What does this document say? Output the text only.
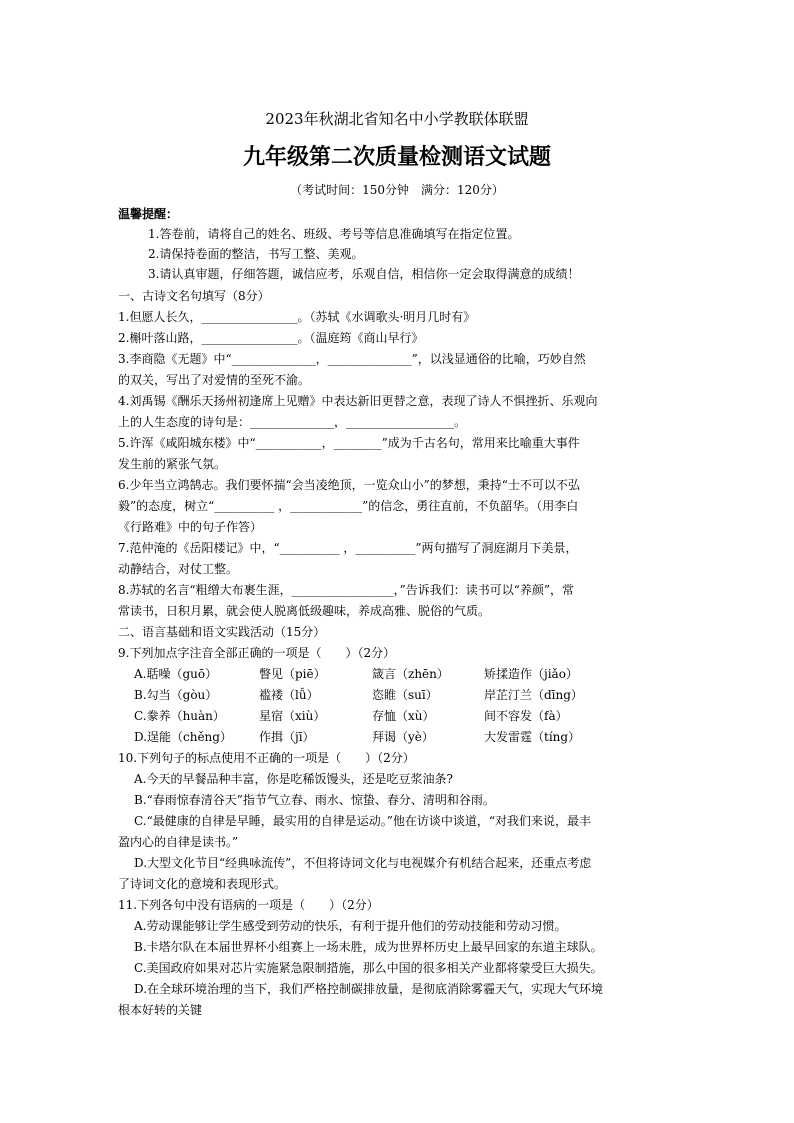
2023年秋湖北省知名中小学教联体联盟
九年级第二次质量检测语文试题
（考试时间：150分钟　满分：120分）
温馨提醒：
1.答卷前，请将自己的姓名、班级、考号等信息准确填写在指定位置。
2.请保持卷面的整洁，书写工整、美观。
3.请认真审题，仔细答题，诚信应考，乐观自信，相信你一定会取得满意的成绩！
一、古诗文名句填写（8分）
1.但愿人长久，________________。（苏轼《水调歌头·明月几时有》
2.槲叶落山路，________________。（温庭筠《商山早行》
3.李商隐《无题》中“______________，______________”，以浅显通俗的比喻，巧妙自然
的双关，写出了对爱情的至死不渝。
4.刘禹锡《酬乐天扬州初逢席上见赠》中表达新旧更替之意，表现了诗人不惧挫折、乐观向
上的人生态度的诗句是：______________，__________________。
5.许浑《咸阳城东楼》中“___________，________”成为千古名句，常用来比喻重大事件
发生前的紧张气氛。
6.少年当立鸿鹄志。我们要怀揣“会当凌绝顶，一览众山小”的梦想，秉持“士不可以不弘
毅”的态度，树立“__________ ，____________”的信念，勇往直前，不负韶华。（用李白
《行路难》中的句子作答）
7.范仲淹的《岳阳楼记》中，“__________ ，__________”两句描写了洞庭湖月下美景，
动静结合，对仗工整。
8.苏轼的名言“粗缯大布裹生涯，_________________，”告诉我们：读书可以“养颜”，常
常读书，日积月累，就会使人脱离低级趣味，养成高雅、脱俗的气质。
二、语言基础和语文实践活动（15分）
9.下列加点字注音全部正确的一项是（　　）（2分）
A.聒噪（guō）	瞥见（piē）	箴言（zhēn）	矫揉造作（jiǎo）
B.勾当（gòu）	褴褛（lǚ）	恣睢（suī）	岸芷汀兰（dīng）
C.豢养（huàn）	星宿（xiù）	存恤（xù）	间不容发（fà）
D.逞能（chěng） 作揖（jī）	拜谒（yè）	大发雷霆（tíng）
10.下列句子的标点使用不正确的一项是（　　）（2分）
A.今天的早餐品种丰富，你是吃稀饭馒头，还是吃豆浆油条?
B.“春雨惊春清谷天”指节气立春、雨水、惊蛰、春分、清明和谷雨。
C.“最健康的自律是早睡，最实用的自律是运动。”他在访谈中谈道，“对我们来说，最丰
盈内心的自律是读书。”
D.大型文化节目“经典咏流传”，不但将诗词文化与电视媒介有机结合起来，还重点考虑
了诗词文化的意境和表现形式。
11.下列各句中没有语病的一项是（　　）（2分）
A.劳动课能够让学生感受到劳动的快乐，有利于提升他们的劳动技能和劳动习惯。
B.卡塔尔队在本届世界杯小组赛上一场未胜，成为世界杯历史上最早回家的东道主球队。
C.美国政府如果对芯片实施紧急限制措施，那么中国的很多相关产业都将蒙受巨大损失。
D.在全球环境治理的当下，我们严格控制碳排放量，是彻底消除雾霾天气，实现大气环境
根本好转的关键
